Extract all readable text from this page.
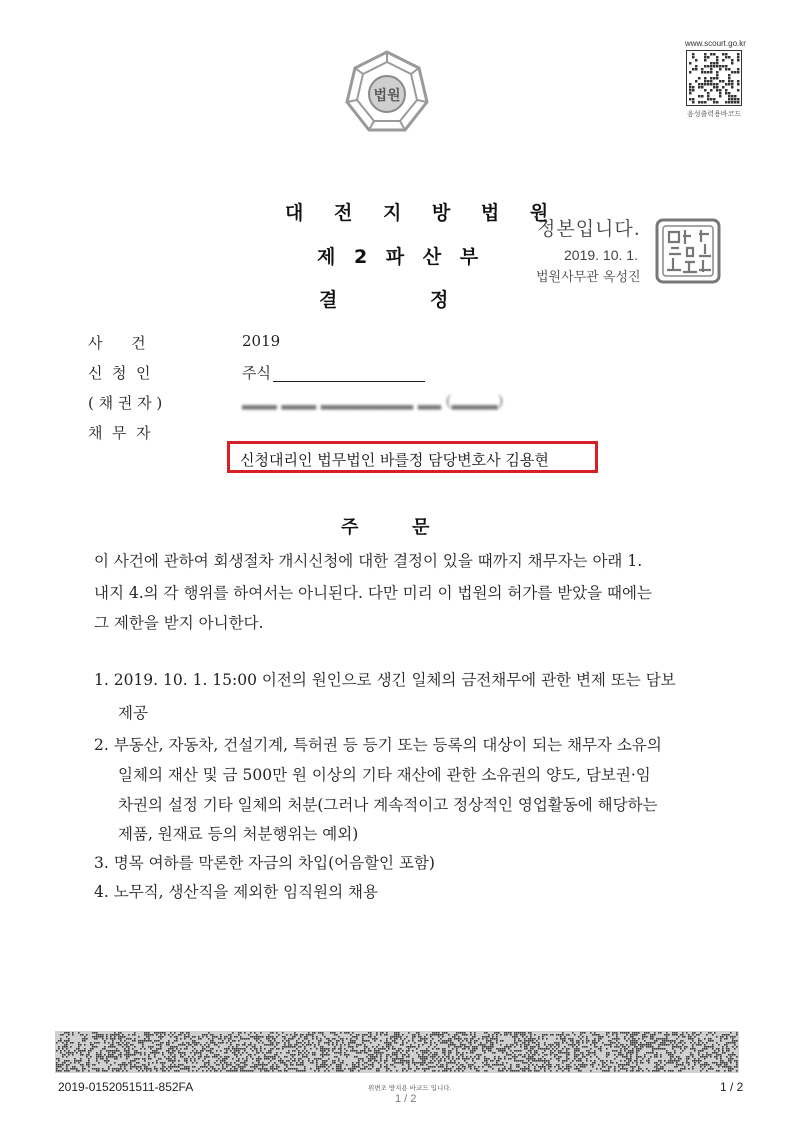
법원
www.scourt.go.kr
음성출력용바코드
대 전 지 방 법 원
제 2 파 산 부
결	정
정본입니다.
2019. 10. 1.
법원사무관 옥성진
사      건	2019
신  청  인	주식
( 채 권 자 )	▂▂▂ ▂▂▂ ▂▂▂▂▂▂▂▂ ▂▂ (▂▂▂▂)
채  무  자
신청대리인 법무법인 바를정 담당변호사 김용현
주	문
이 사건에 관하여 회생절차 개시신청에 대한 결정이 있을 때까지 채무자는 아래 1.
내지 4.의 각 행위를 하여서는 아니된다. 다만 미리 이 법원의 허가를 받았을 때에는
그 제한을 받지 아니한다.
1. 2019. 10. 1. 15:00 이전의 원인으로 생긴 일체의 금전채무에 관한 변제 또는 담보
제공
2. 부동산, 자동차, 건설기계, 특허권 등 등기 또는 등록의 대상이 되는 채무자 소유의
일체의 재산 및 금 500만 원 이상의 기타 재산에 관한 소유권의 양도, 담보권·임
차권의 설정 기타 일체의 처분(그러나 계속적이고 정상적인 영업활동에 해당하는
제품, 원재료 등의 처분행위는 예외)
3. 명목 여하를 막론한 자금의 차입(어음할인 포함)
4. 노무직, 생산직을 제외한 임직원의 채용
2019-0152051511-852FA	위변조 방지용 바코드 입니다.
1 / 2
1 / 2
